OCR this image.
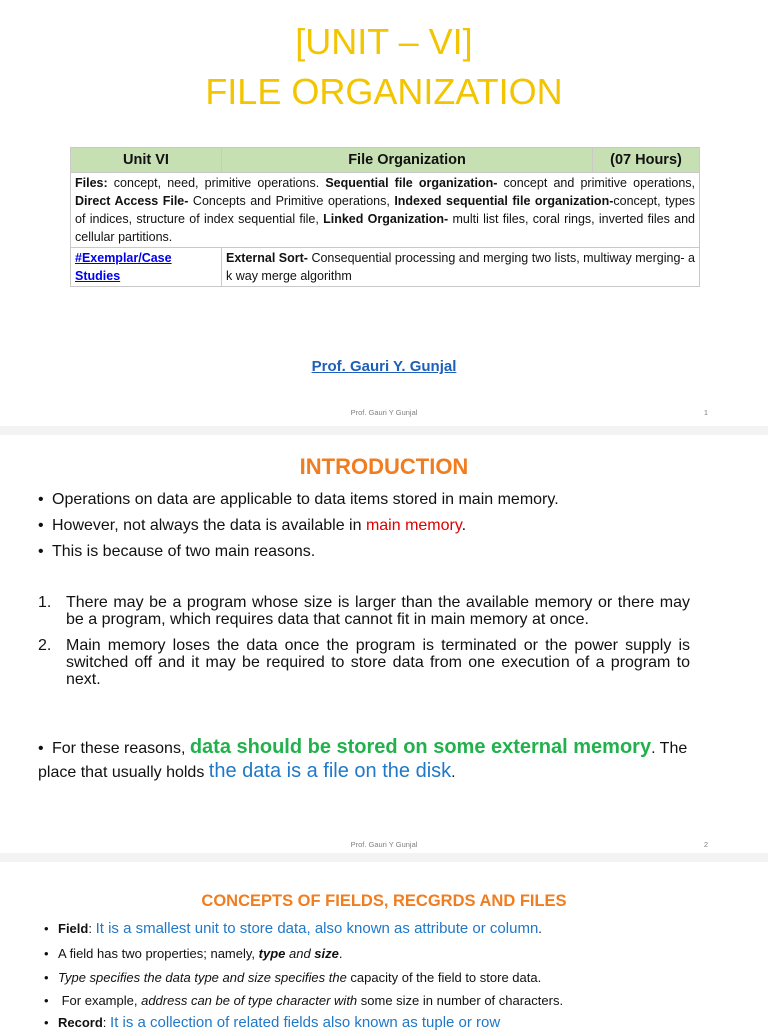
[UNIT – VI]
FILE ORGANIZATION
Unit VI	File Organization	(07 Hours)
Files: concept, need, primitive operations. Sequential file organization- concept and primitive operations, Direct Access File- Concepts and Primitive operations, Indexed sequential file organization-concept, types of indices, structure of index sequential file, Linked Organization- multi list files, coral rings, inverted files and cellular partitions.		
#Exemplar/Case Studies	External Sort- Consequential processing and merging two lists, multiway merging- a k way merge algorithm	
Prof. Gauri Y. Gunjal
Prof. Gauri Y Gunjal	1
INTRODUCTION
• Operations on data are applicable to data items stored in main memory.
• However, not always the data is available in main memory.
• This is because of two main reasons.
1. There may be a program whose size is larger than the available memory or there may be a program, which requires data that cannot fit in main memory at once.
2. Main memory loses the data once the program is terminated or the power supply is switched off and it may be required to store data from one execution of a program to next.
• For these reasons, data should be stored on some external memory. The place that usually holds the data is a file on the disk.
Prof. Gauri Y Gunjal	2
CONCEPTS OF FIELDS, RECGRDS AND FILES
• Field: It is a smallest unit to store data, also known as attribute or column.
• A field has two properties; namely, type and size.
• Type specifies the data type and size specifies the capacity of the field to store data.
• For example, address can be of type character with some size in number of characters.
• Record: It is a collection of related fields also known as tuple or row
